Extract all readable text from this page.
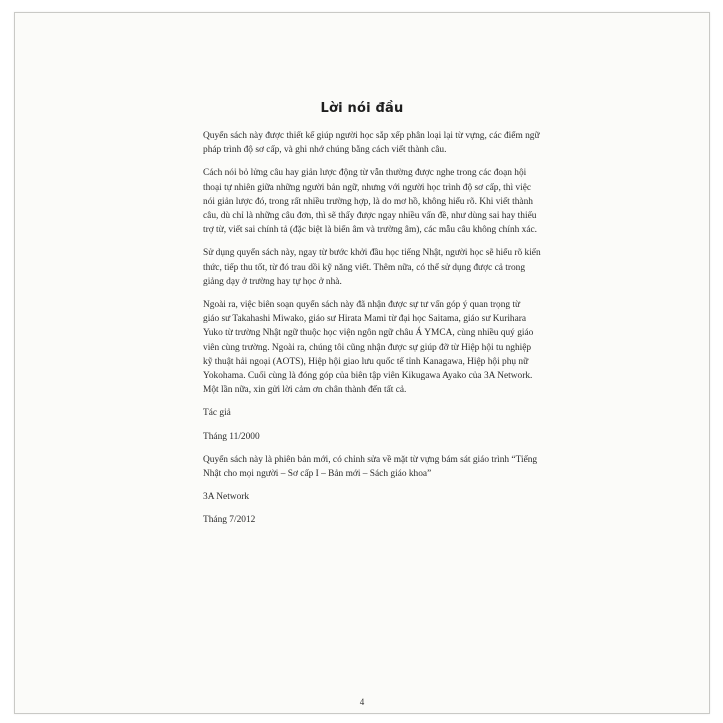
Lời nói đầu

Quyển sách này được thiết kế giúp người học sắp xếp phân loại lại từ vựng, các điểm ngữ
pháp trình độ sơ cấp, và ghi nhớ chúng bằng cách viết thành câu.

Cách nói bỏ lửng câu hay giản lược động từ vẫn thường được nghe trong các đoạn hội
thoại tự nhiên giữa những người bản ngữ, nhưng với người học trình độ sơ cấp, thì việc
nói giản lược đó, trong rất nhiều trường hợp, là do mơ hồ, không hiểu rõ. Khi viết thành
câu, dù chỉ là những câu đơn, thì sẽ thấy được ngay nhiều vấn đề, như dùng sai hay thiếu
trợ từ, viết sai chính tả (đặc biệt là biến âm và trường âm), các mẫu câu không chính xác.

Sử dụng quyển sách này, ngay từ bước khởi đầu học tiếng Nhật, người học sẽ hiểu rõ kiến
thức, tiếp thu tốt, từ đó trau dồi kỹ năng viết. Thêm nữa, có thể sử dụng được cả trong
giảng dạy ở trường hay tự học ở nhà.

Ngoài ra, việc biên soạn quyển sách này đã nhận được sự tư vấn góp ý quan trọng từ
giáo sư Takahashi Miwako, giáo sư Hirata Mami từ đại học Saitama, giáo sư Kurihara
Yuko từ trường Nhật ngữ thuộc học viện ngôn ngữ châu Á YMCA, cùng nhiều quý giáo
viên cùng trường. Ngoài ra, chúng tôi cũng nhận được sự giúp đỡ từ Hiệp hội tu nghiệp
kỹ thuật hải ngoại (AOTS), Hiệp hội giao lưu quốc tế tỉnh Kanagawa, Hiệp hội phụ nữ
Yokohama. Cuối cùng là đóng góp của biên tập viên Kikugawa Ayako của 3A Network.
Một lần nữa, xin gửi lời cảm ơn chân thành đến tất cả.

Tác giả

Tháng 11/2000

Quyển sách này là phiên bản mới, có chỉnh sửa về mặt từ vựng bám sát giáo trình “Tiếng
Nhật cho mọi người – Sơ cấp I – Bản mới – Sách giáo khoa”

3A Network

Tháng 7/2012

4
